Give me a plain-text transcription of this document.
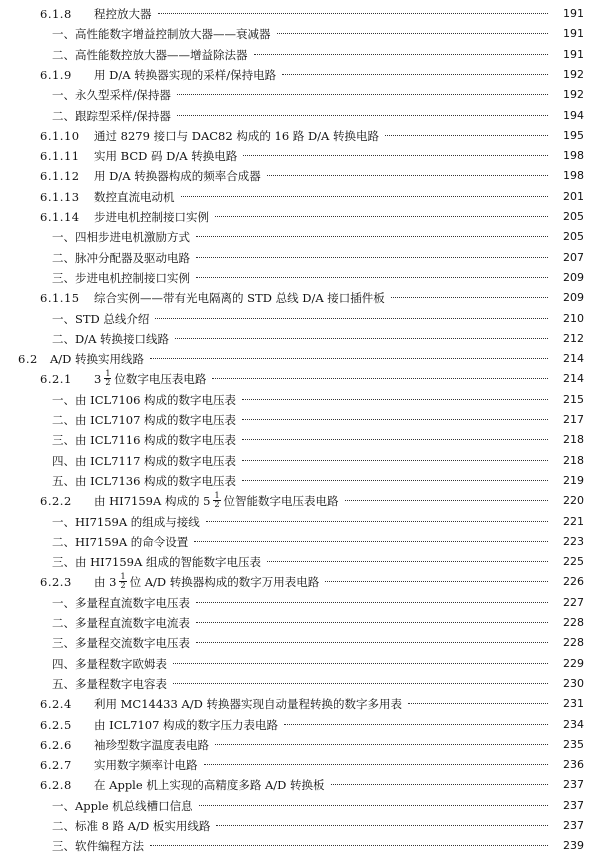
6.1.8	程控放大器	191
一、高性能数字增益控制放大器——衰减器	191
二、高性能数控放大器——增益除法器	191
6.1.9	用 D/A 转换器实现的采样/保持电路	192
一、永久型采样/保持器	192
二、跟踪型采样/保持器	194
6.1.10	通过 8279 接口与 DAC82 构成的 16 路 D/A 转换电路	195
6.1.11	实用 BCD 码 D/A 转换电路	198
6.1.12	用 D/A 转换器构成的频率合成器	198
6.1.13	数控直流电动机	201
6.1.14	步进电机控制接口实例	205
一、四相步进电机激励方式	205
二、脉冲分配器及驱动电路	207
三、步进电机控制接口实例	209
6.1.15	综合实例——带有光电隔离的 STD 总线 D/A 接口插件板	209
一、STD 总线介绍	210
二、D/A 转换接口线路	212
6.2 A/D 转换实用线路	214
6.2.1	$3 \frac{1}{2}$ 位数字电压表电路	214
一、由 ICL7106 构成的数字电压表	215
二、由 ICL7107 构成的数字电压表	217
三、由 ICL7116 构成的数字电压表	218
四、由 ICL7117 构成的数字电压表	218
五、由 ICL7136 构成的数字电压表	219
6.2.2	由 HI7159A 构成的 $5 \frac{1}{2}$ 位智能数字电压表电路	220
一、HI7159A 的组成与接线	221
二、HI7159A 的命令设置	223
三、由 HI7159A 组成的智能数字电压表	225
6.2.3	由 $3 \frac{1}{2}$ 位 A/D 转换器构成的数字万用表电路	226
一、多量程直流数字电压表	227
二、多量程直流数字电流表	228
三、多量程交流数字电压表	228
四、多量程数字欧姆表	229
五、多量程数字电容表	230
6.2.4	利用 MC14433 A/D 转换器实现自动量程转换的数字多用表	231
6.2.5	由 ICL7107 构成的数字压力表电路	234
6.2.6	袖珍型数字温度表电路	235
6.2.7	实用数字频率计电路	236
6.2.8	在 Apple 机上实现的高精度多路 A/D 转换板	237
一、Apple 机总线槽口信息	237
二、标准 8 路 A/D 板实用线路	237
三、软件编程方法	239
